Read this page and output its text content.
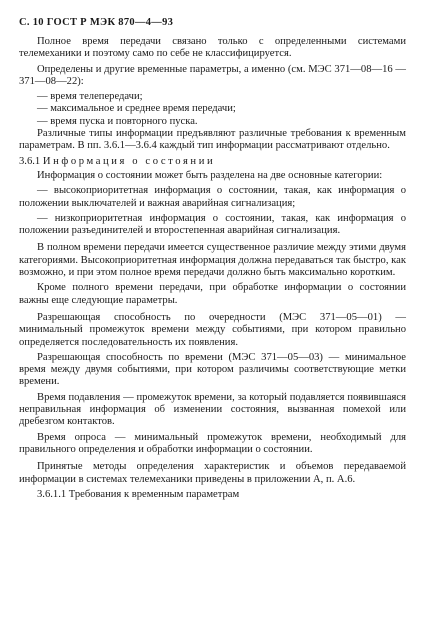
С. 10 ГОСТ Р МЭК 870—4—93

Полное время передачи связано только с определенными системами телемеханики и поэтому само по себе не классифицируется.

Определены и другие временные параметры, а именно (см. МЭС 371—08—16 — 371—08—22):

— время телепередачи;

— максимальное и среднее время передачи;

— время пуска и повторного пуска.

Различные типы информации предъявляют различные требования к временным параметрам. В пп. 3.6.1—3.6.4 каждый тип информации рассматривают отдельно.

3.6.1 Информация о состоянии

Информация о состоянии может быть разделена на две основные категории:

— высокоприоритетная информация о состоянии, такая, как информация о положении выключателей и важная аварийная сигнализация;

— низкоприоритетная информация о состоянии, такая, как информация о положении разъединителей и второстепенная аварийная сигнализация.

В полном времени передачи имеется существенное различие между этими двумя категориями. Высокоприоритетная информация должна передаваться так быстро, как возможно, и при этом полное время передачи должно быть максимально коротким.

Кроме полного времени передачи, при обработке информации о состоянии важны еще следующие параметры.

Разрешающая способность по очередности (МЭС 371—05—01) — минимальный промежуток времени между событиями, при котором правильно определяется последовательность их появления.

Разрешающая способность по времени (МЭС 371—05—03) — минимальное время между двумя событиями, при котором различимы соответствующие метки времени.

Время подавления — промежуток времени, за который подавляется появившаяся неправильная информация об изменении состояния, вызванная помехой или дребезгом контактов.

Время опроса — минимальный промежуток времени, необходимый для правильного определения и обработки информации о состоянии.

Принятые методы определения характеристик и объемов передаваемой информации в системах телемеханики приведены в приложении А, п. А.6.

3.6.1.1 Требования к временным параметрам
